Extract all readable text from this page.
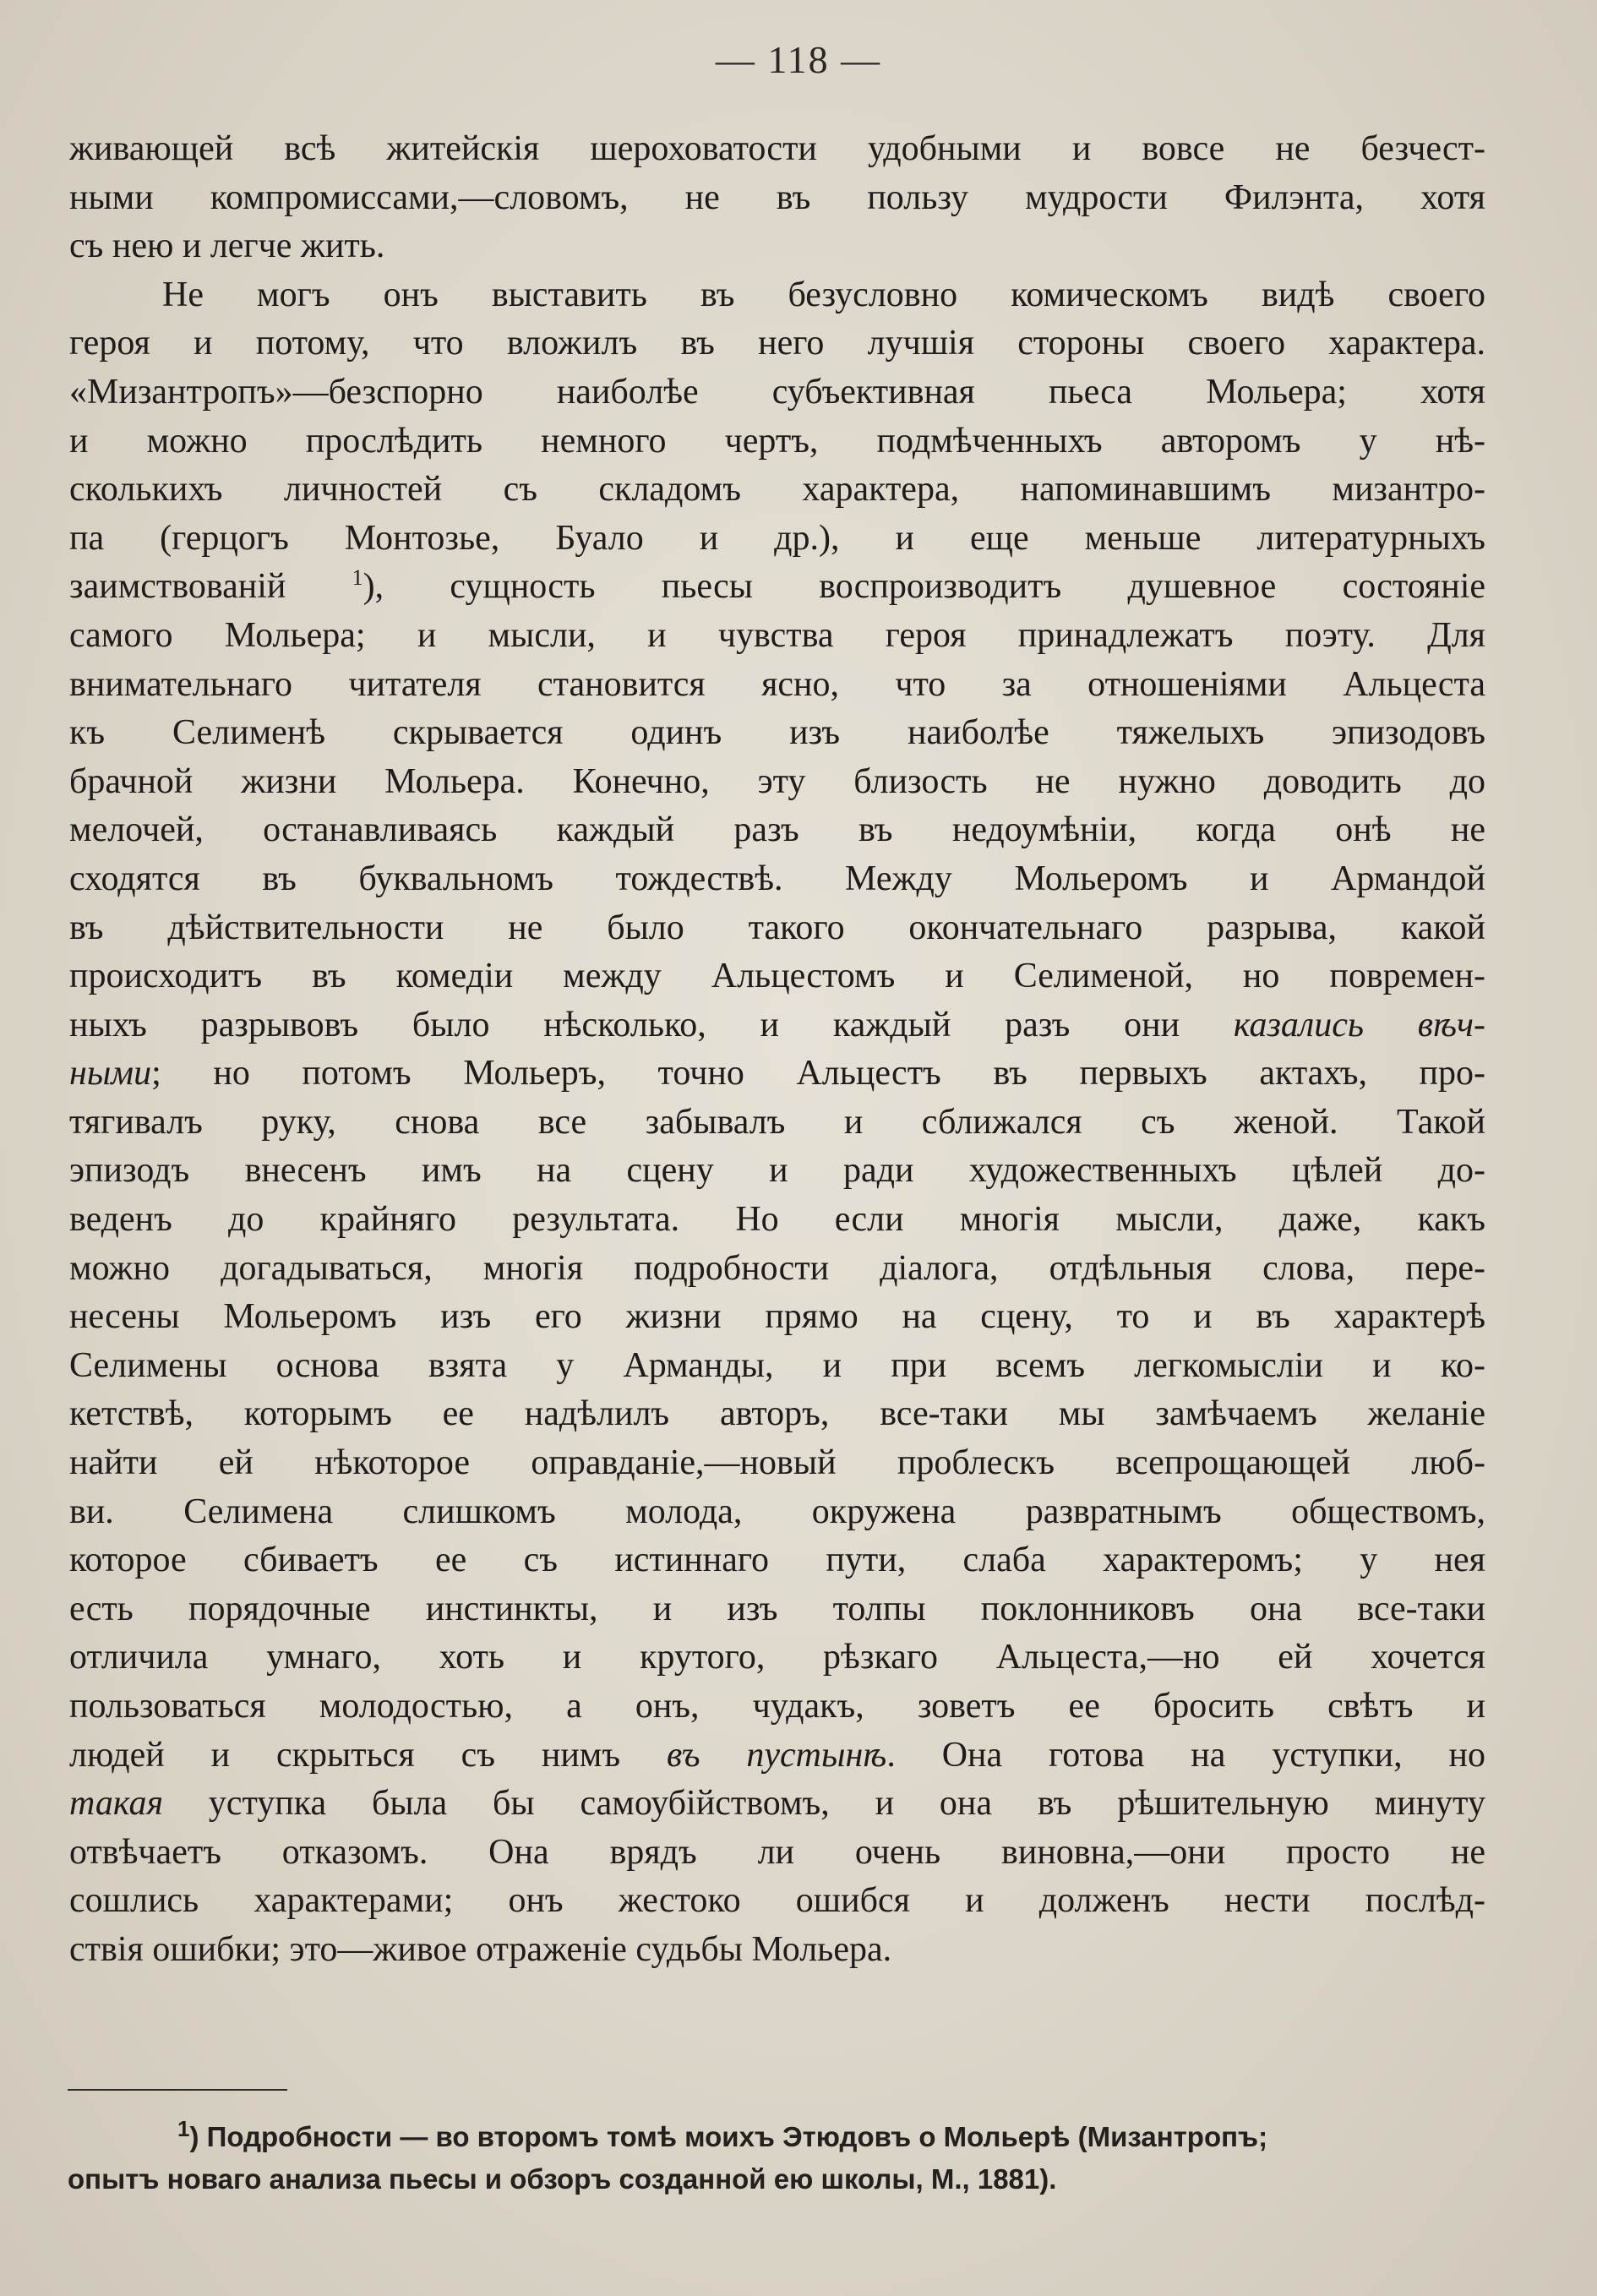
— 118 —
живающей всѣ житейскія шероховатости удобными и вовсе не безчест-
ными компромиссами,—словомъ, не въ пользу мудрости Филэнта, хотя
съ нею и легче жить.
Не могъ онъ выставить въ безусловно комическомъ видѣ своего
героя и потому, что вложилъ въ него лучшія стороны своего характера.
«Мизантропъ»—безспорно наиболѣе субъективная пьеса Мольера; хотя
и можно прослѣдить немного чертъ, подмѣченныхъ авторомъ у нѣ-
сколькихъ личностей съ складомъ характера, напоминавшимъ мизантро-
па (герцогъ Монтозье, Буало и др.), и еще меньше литературныхъ
заимствованій	$^1$), сущность пьесы воспроизводитъ душевное состояніе
самого Мольера; и мысли, и чувства героя принадлежатъ поэту. Для
внимательнаго читателя становится ясно, что за отношеніями Альцеста
къ Селименѣ скрывается одинъ изъ наиболѣе тяжелыхъ эпизодовъ
брачной жизни Мольера. Конечно, эту близость не нужно доводить до
мелочей, останавливаясь каждый разъ въ недоумѣніи, когда онѣ не
сходятся въ буквальномъ тождествѣ. Между Мольеромъ и Армандой
въ дѣйствительности не было такого окончательнаго разрыва, какой
происходитъ въ комедіи между Альцестомъ и Селименой, но повремен-
ныхъ разрывовъ было нѣсколько, и каждый разъ они казались вѣч-
ными; но потомъ Мольеръ, точно Альцестъ въ первыхъ актахъ, про-
тягивалъ руку, снова все забывалъ и сближался съ женой. Такой
эпизодъ внесенъ имъ на сцену и ради художественныхъ цѣлей до-
веденъ до крайняго результата. Но если многія мысли, даже, какъ
можно догадываться, многія подробности діалога, отдѣльныя слова, пере-
несены Мольеромъ изъ его жизни прямо на сцену, то и въ характерѣ
Селимены основа взята у Арманды, и при всемъ легкомысліи и ко-
кетствѣ, которымъ ее надѣлилъ авторъ, все-таки мы замѣчаемъ желаніе
найти ей нѣкоторое оправданіе,—новый проблескъ всепрощающей люб-
ви. Селимена слишкомъ молода, окружена развратнымъ обществомъ,
которое сбиваетъ ее съ истиннаго пути, слаба характеромъ; у нея
есть порядочные инстинкты, и изъ толпы поклонниковъ она все-таки
отличила умнаго, хоть и крутого, рѣзкаго Альцеста,—но ей хочется
пользоваться молодостью, а онъ, чудакъ, зоветъ ее бросить свѣтъ и
людей и скрыться съ нимъ въ пустынѣ. Она готова на уступки, но
такая уступка была бы самоубійствомъ, и она въ рѣшительную минуту
отвѣчаетъ отказомъ. Она врядъ ли очень виновна,—они просто не
сошлись характерами; онъ жестоко ошибся и долженъ нести послѣд-
ствія ошибки; это—живое отраженіе судьбы Мольера.
$^1$) Подробности — во второмъ томѣ моихъ Этюдовъ о Мольерѣ (Мизантропъ;
опытъ новаго анализа пьесы и обзоръ созданной ею школы, М., 1881).
